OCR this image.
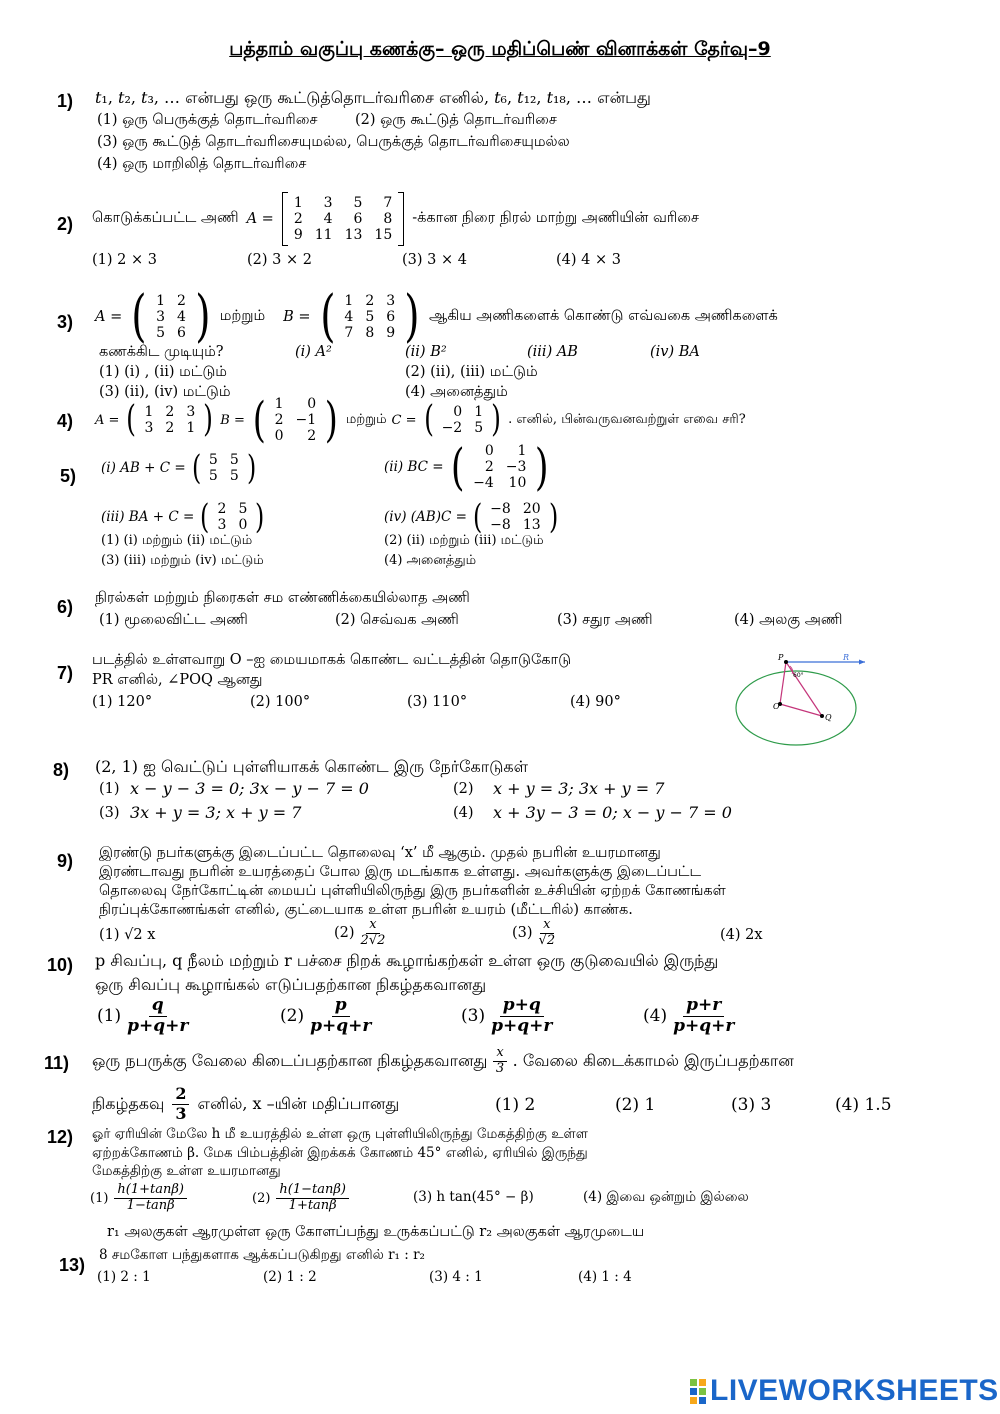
பத்தாம் வகுப்பு கணக்கு– ஒரு மதிப்பெண் வினாக்கள் தேர்வு–9
1) 𝑡₁, 𝑡₂, 𝑡₃, … என்பது ஒரு கூட்டுத்தொடர்வரிசை எனில், 𝑡₆, 𝑡₁₂, 𝑡₁₈, … என்பது
(1) ஒரு பெருக்குத் தொடர்வரிசை	(2) ஒரு கூட்டுத் தொடர்வரிசை
(3) ஒரு கூட்டுத் தொடர்வரிசையுமல்ல, பெருக்குத் தொடர்வரிசையுமல்ல
(4) ஒரு மாறிலித் தொடர்வரிசை
2) கொடுக்கப்பட்ட அணி A =
1	3	5	7
2	4	6	8
9	11	13	15
-க்கான நிரை நிரல் மாற்று அணியின் வரிசை
(1) 2 × 3	(2) 3 × 2	(3) 3 × 4	(4) 4 × 3
3) A = ( 1	2
3	4
5	6 ) மற்றும் B = ( 1	2	3
4	5	6
7	8	9 ) ஆகிய அணிகளைக் கொண்டு எவ்வகை அணிகளைக்
கணக்கிட முடியும்?	(i) A²	(ii) B²	(iii) AB	(iv) BA
(1) (i) , (ii) மட்டும்	(2) (ii), (iii) மட்டும்
(3) (ii), (iv) மட்டும்	(4) அனைத்தும்
4) A = ( 1	2	3
3	2	1 ) B = ( 1	0
2	−1
0	2 ) மற்றும் C = ( 0	1
−2	5 ) . எனில், பின்வருவனவற்றுள் எவை சரி?
5) (i) AB + C = ( 5	5
5	5 )	(ii) BC = ( 0	1
2	−3
−4	10 )
(iii) BA + C = ( 2	5
3	0 )	(iv) (AB)C = ( −8	20
−8	13 )
(1) (i) மற்றும் (ii) மட்டும்	(2) (ii) மற்றும் (iii) மட்டும்
(3) (iii) மற்றும் (iv) மட்டும்	(4) அனைத்தும்
6) நிரல்கள் மற்றும் நிரைகள் சம எண்ணிக்கையில்லாத அணி
(1) மூலைவிட்ட அணி	(2) செவ்வக அணி	(3) சதுர அணி	(4) அலகு அணி
7)
படத்தில் உள்ளவாறு O –ஐ மையமாகக் கொண்ட வட்டத்தின் தொடுகோடு
PR எனில், ∠POQ ஆனது
(1) 120°	(2) 100°	(3) 110°	(4) 90°
P	R
O
Q
60°
8) (2, 1) ஐ வெட்டுப் புள்ளியாகக் கொண்ட இரு நேர்கோடுகள்
(1) x − y − 3 = 0; 3x − y − 7 = 0	(2) x + y = 3; 3x + y = 7
(3) 3x + y = 3; x + y = 7	(4) x + 3y − 3 = 0; x − y − 7 = 0
9) இரண்டு நபர்களுக்கு இடைப்பட்ட தொலைவு ‘x’ மீ ஆகும். முதல் நபரின் உயரமானது
இரண்டாவது நபரின் உயரத்தைப் போல இரு மடங்காக உள்ளது. அவர்களுக்கு இடைப்பட்ட
தொலைவு நேர்கோட்டின் மையப் புள்ளியிலிருந்து இரு நபர்களின் உச்சியின் ஏற்றக் கோணங்கள்
நிரப்புக்கோணங்கள் எனில், குட்டையாக உள்ள நபரின் உயரம் (மீட்டரில்) காண்க.
(1) √2 x	$(2) \frac{x}{2√2}$	$(3) \frac{x}{√2}$	(4) 2x
10) p சிவப்பு, q நீலம் மற்றும் r பச்சை நிறக் கூழாங்கற்கள் உள்ள ஒரு குடுவையில் இருந்து
ஒரு சிவப்பு கூழாங்கல் எடுப்பதற்கான நிகழ்தகவானது
$(1) \frac{q}{p+q+r}$	$(2) \frac{p}{p+q+r}$	$(3) \frac{p+q}{p+q+r}$	$(4) \frac{p+r}{p+q+r}$
11) ஒரு நபருக்கு வேலை கிடைப்பதற்கான நிகழ்தகவானது $\frac{x}{3}$ . வேலை கிடைக்காமல் இருப்பதற்கான
நிகழ்தகவு $\frac{2}{3}$ எனில், x –யின் மதிப்பானது	(1) 2	(2) 1	(3) 3	(4) 1.5
12) ஓர் ஏரியின் மேலே h மீ உயரத்தில் உள்ள ஒரு புள்ளியிலிருந்து மேகத்திற்கு உள்ள
ஏற்றக்கோணம் β. மேக பிம்பத்தின் இறக்கக் கோணம் 45° எனில், ஏரியில் இருந்து
மேகத்திற்கு உள்ள உயரமானது
$(1) \frac{h(1+\tan\beta)}{1-\tan\beta}$	$(2) \frac{h(1-\tan\beta)}{1+\tan\beta}$	(3) h tan(45° − β)	(4) இவை ஒன்றும் இல்லை
13)
r₁ அலகுகள் ஆரமுள்ள ஒரு கோளப்பந்து உருக்கப்பட்டு r₂ அலகுகள் ஆரமுடைய
8 சமகோள பந்துகளாக ஆக்கப்படுகிறது எனில் r₁ : r₂
(1) 2 : 1	(2) 1 : 2	(3) 4 : 1	(4) 1 : 4
LIVEWORKSHEETS
